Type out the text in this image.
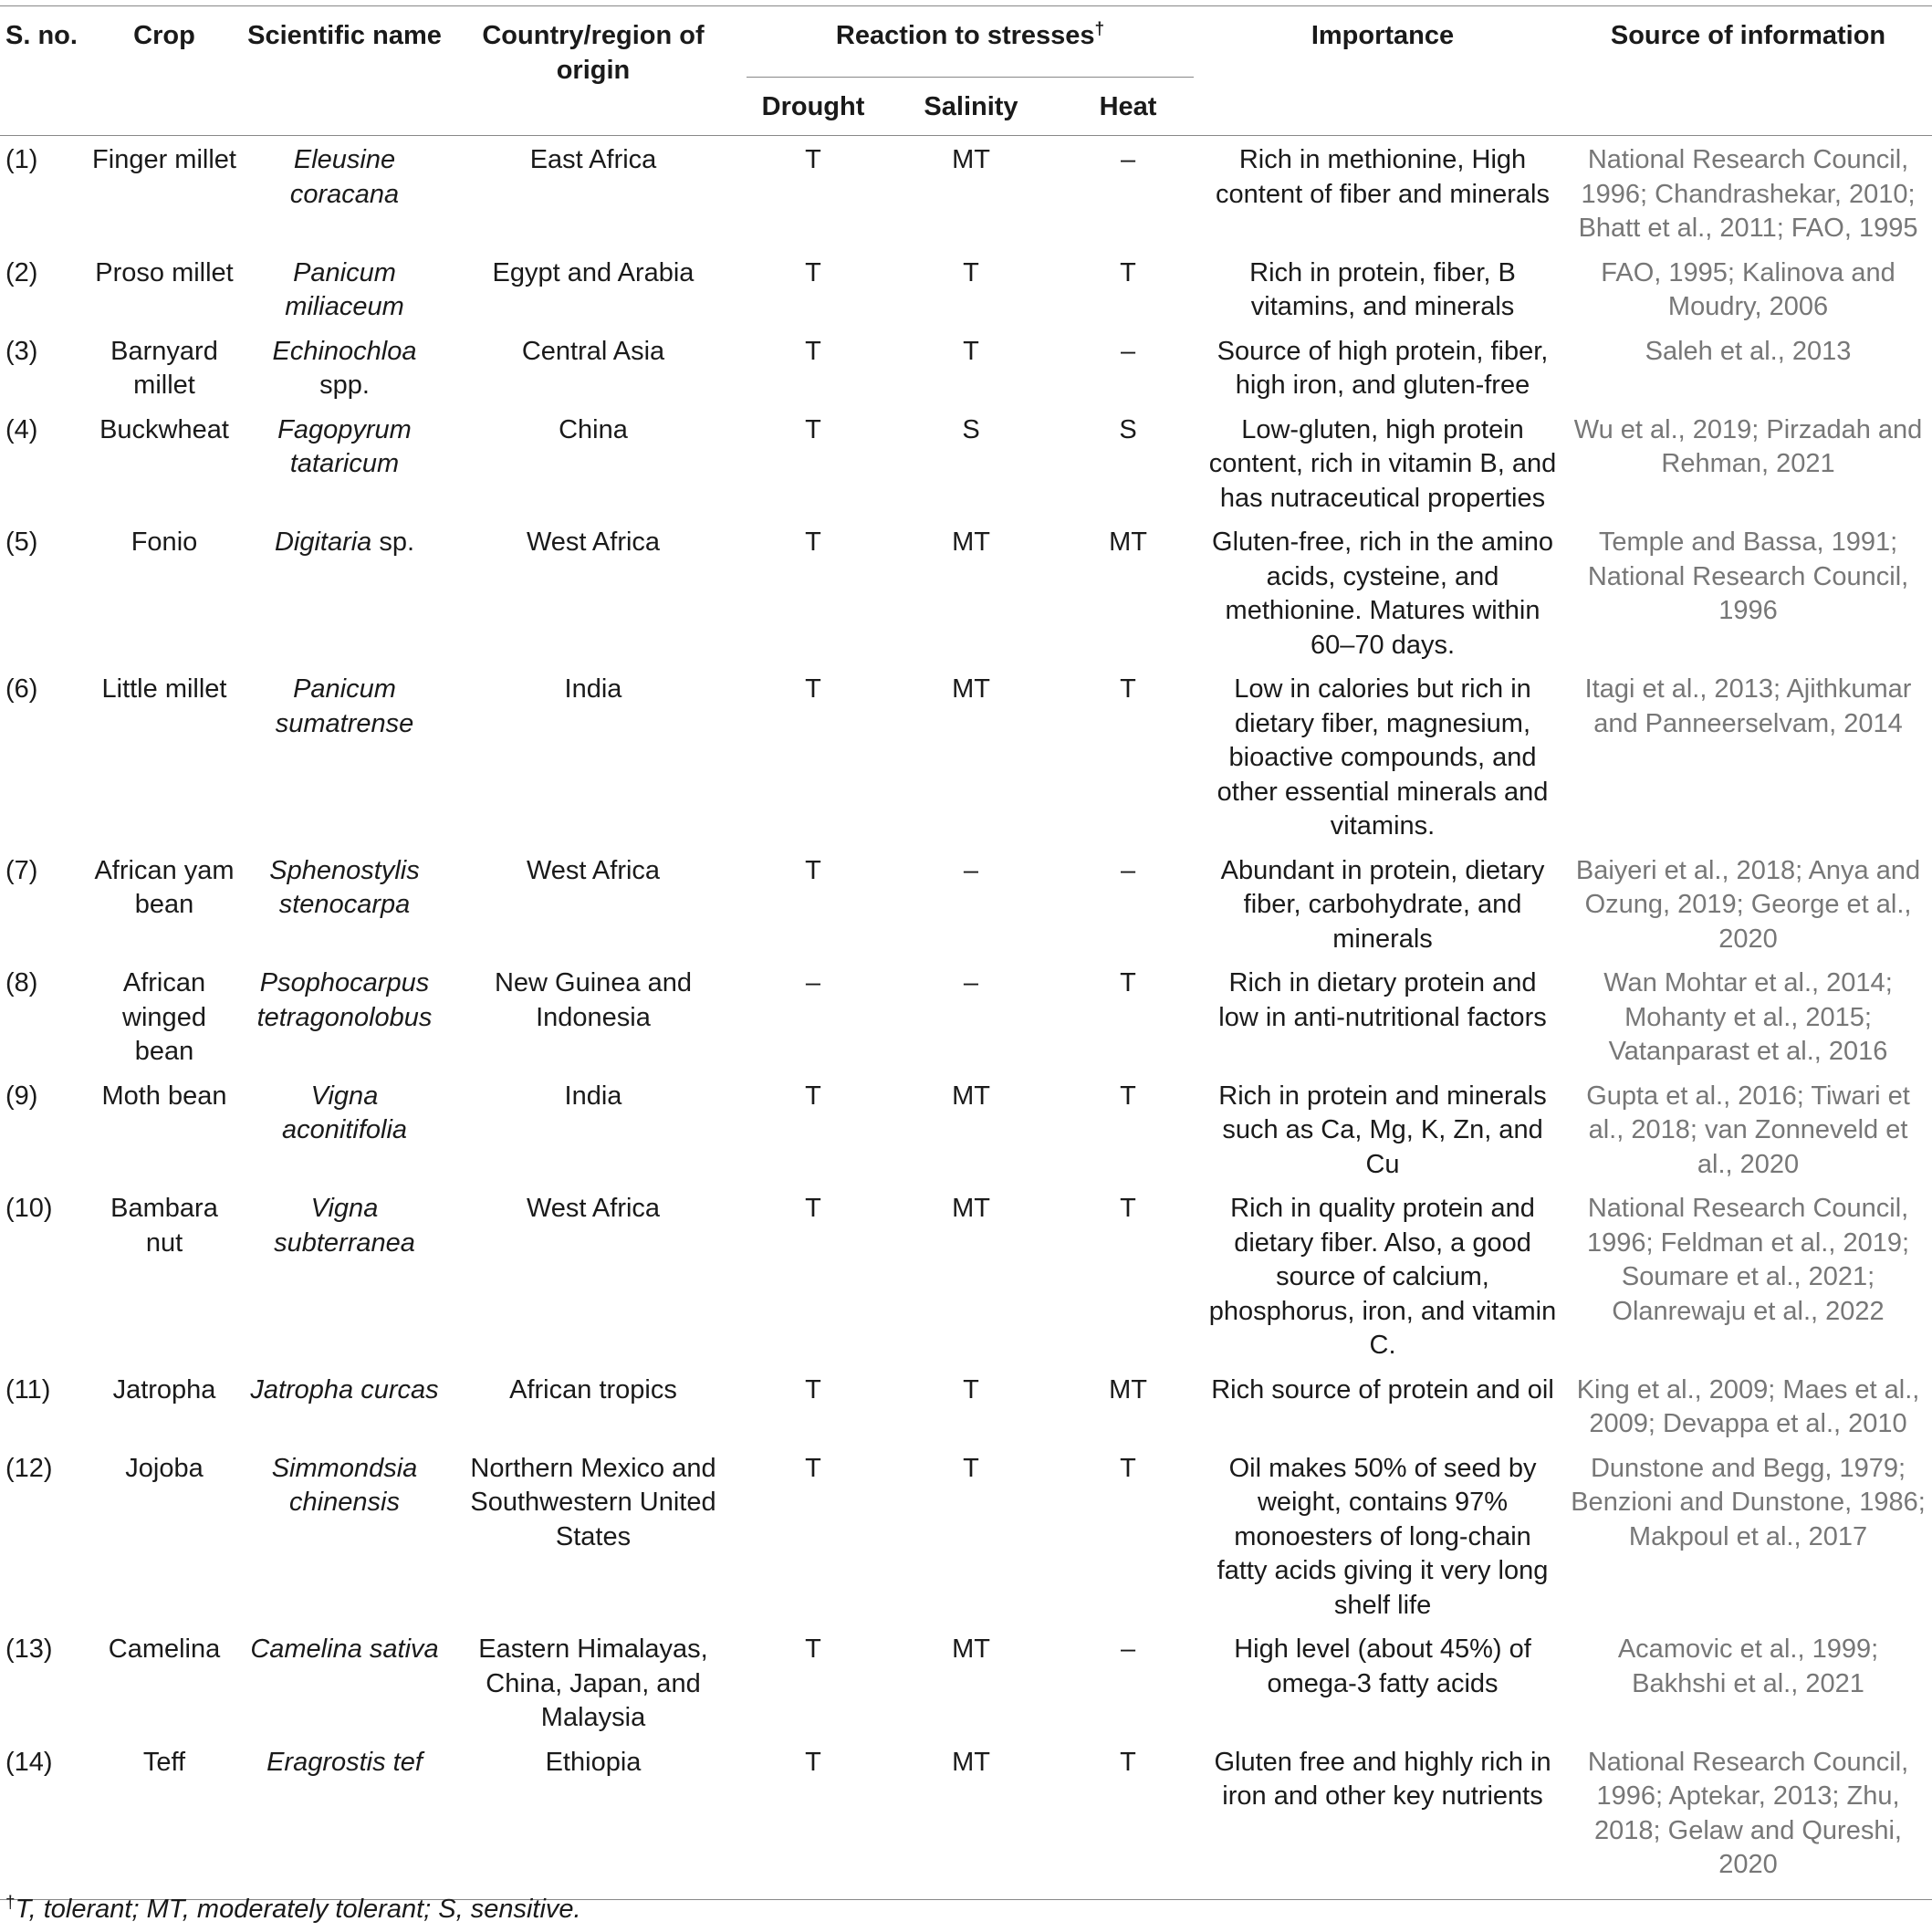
S. no.	Crop	Scientific name	Country/region of origin	Reaction to stresses†			Importance	Source of information
				Drought	Salinity	Heat		
(1)	Finger millet	Eleusine coracana	East Africa	T	MT	–	Rich in methionine, High content of fiber and minerals	National Research Council, 1996; Chandrashekar, 2010; Bhatt et al., 2011; FAO, 1995
(2)	Proso millet	Panicum miliaceum	Egypt and Arabia	T	T	T	Rich in protein, fiber, B vitamins, and minerals	FAO, 1995; Kalinova and Moudry, 2006
(3)	Barnyard millet	Echinochloa spp.	Central Asia	T	T	–	Source of high protein, fiber, high iron, and gluten-free	Saleh et al., 2013
(4)	Buckwheat	Fagopyrum tataricum	China	T	S	S	Low-gluten, high protein content, rich in vitamin B, and has nutraceutical properties	Wu et al., 2019; Pirzadah and Rehman, 2021
(5)	Fonio	Digitaria sp.	West Africa	T	MT	MT	Gluten-free, rich in the amino acids, cysteine, and methionine. Matures within 60–70 days.	Temple and Bassa, 1991; National Research Council, 1996
(6)	Little millet	Panicum sumatrense	India	T	MT	T	Low in calories but rich in dietary fiber, magnesium, bioactive compounds, and other essential minerals and vitamins.	Itagi et al., 2013; Ajithkumar and Panneerselvam, 2014
(7)	African yam bean	Sphenostylis stenocarpa	West Africa	T	–	–	Abundant in protein, dietary fiber, carbohydrate, and minerals	Baiyeri et al., 2018; Anya and Ozung, 2019; George et al., 2020
(8)	African winged bean	Psophocarpus tetragonolobus	New Guinea and Indonesia	–	–	T	Rich in dietary protein and low in anti-nutritional factors	Wan Mohtar et al., 2014; Mohanty et al., 2015; Vatanparast et al., 2016
(9)	Moth bean	Vigna aconitifolia	India	T	MT	T	Rich in protein and minerals such as Ca, Mg, K, Zn, and Cu	Gupta et al., 2016; Tiwari et al., 2018; van Zonneveld et al., 2020
(10)	Bambara nut	Vigna subterranea	West Africa	T	MT	T	Rich in quality protein and dietary fiber. Also, a good source of calcium, phosphorus, iron, and vitamin C.	National Research Council, 1996; Feldman et al., 2019; Soumare et al., 2021; Olanrewaju et al., 2022
(11)	Jatropha	Jatropha curcas	African tropics	T	T	MT	Rich source of protein and oil	King et al., 2009; Maes et al., 2009; Devappa et al., 2010
(12)	Jojoba	Simmondsia chinensis	Northern Mexico and Southwestern United States	T	T	T	Oil makes 50% of seed by weight, contains 97% monoesters of long-chain fatty acids giving it very long shelf life	Dunstone and Begg, 1979; Benzioni and Dunstone, 1986; Makpoul et al., 2017
(13)	Camelina	Camelina sativa	Eastern Himalayas, China, Japan, and Malaysia	T	MT	–	High level (about 45%) of omega-3 fatty acids	Acamovic et al., 1999; Bakhshi et al., 2021
(14)	Teff	Eragrostis tef	Ethiopia	T	MT	T	Gluten free and highly rich in iron and other key nutrients	National Research Council, 1996; Aptekar, 2013; Zhu, 2018; Gelaw and Qureshi, 2020
†T, tolerant; MT, moderately tolerant; S, sensitive.
